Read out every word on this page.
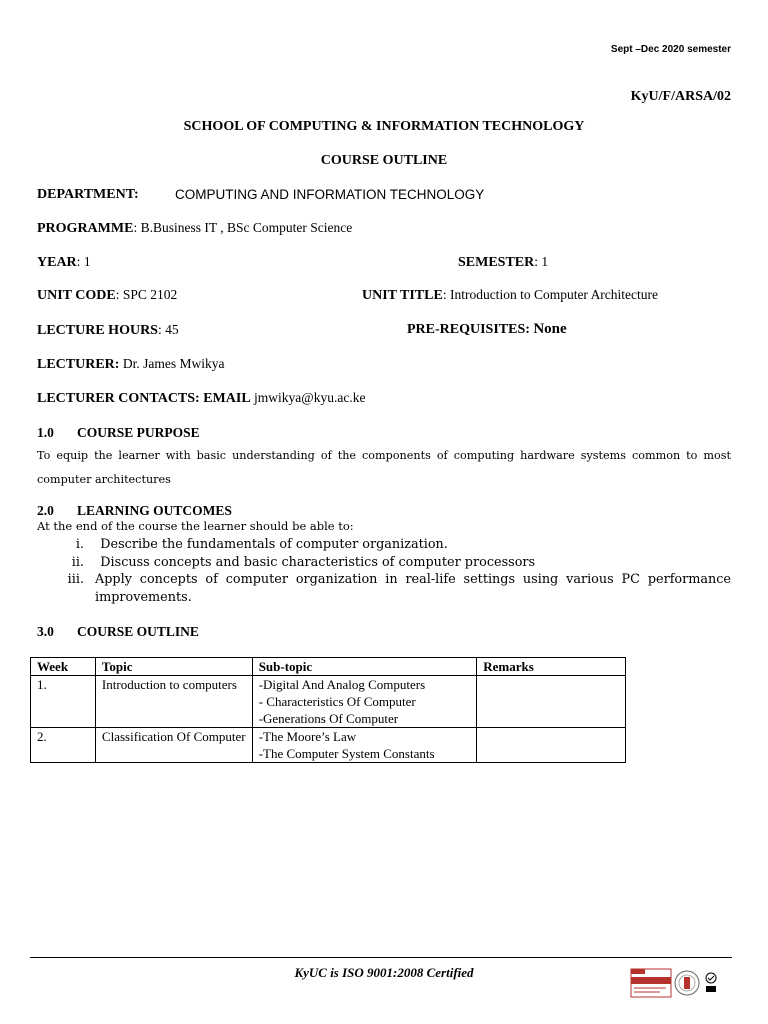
Sept –Dec 2020 semester
KyU/F/ARSA/02
SCHOOL OF COMPUTING & INFORMATION TECHNOLOGY
COURSE OUTLINE
DEPARTMENT:	COMPUTING AND INFORMATION TECHNOLOGY
PROGRAMME: B.Business IT , BSc Computer Science
YEAR: 1	SEMESTER: 1
UNIT CODE: SPC 2102	UNIT TITLE: Introduction to Computer Architecture
LECTURE HOURS: 45	PRE-REQUISITES: None
LECTURER: Dr. James Mwikya
LECTURER CONTACTS: EMAIL jmwikya@kyu.ac.ke
1.0 COURSE PURPOSE
To equip the learner with basic understanding of the components of computing hardware systems common to most computer architectures
2.0 LEARNING OUTCOMES
At the end of the course the learner should be able to:
i.	Describe the fundamentals of computer organization.
ii.	Discuss concepts and basic characteristics of computer processors
iii. Apply concepts of computer organization in real-life settings using various PC performance improvements.
3.0 COURSE OUTLINE
Week	Topic	Sub-topic	Remarks
1.	Introduction to computers	-Digital And Analog Computers
- Characteristics Of Computer
-Generations Of Computer	

2.	Classification Of Computer	-The Moore’s Law
-The Computer System Constants	

KyUC is ISO 9001:2008 Certified
